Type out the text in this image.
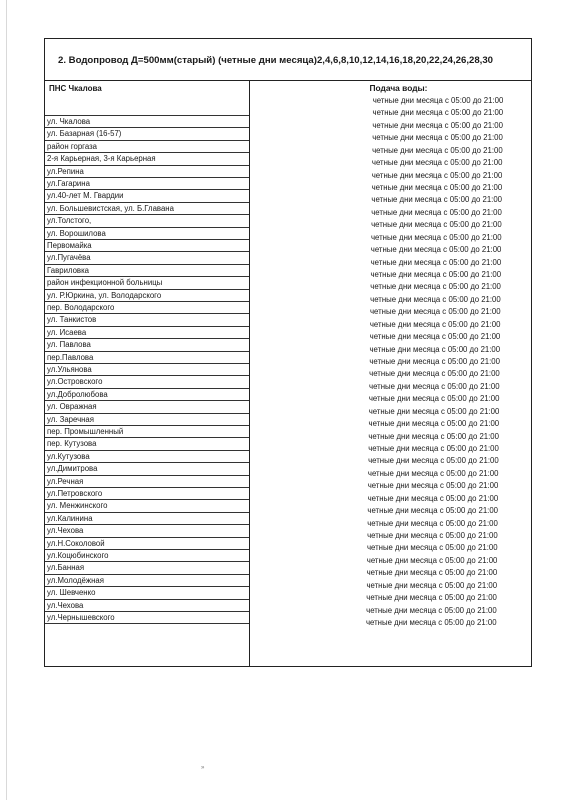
2. Водопровод Д=500мм(старый) (четные дни месяца)2,4,6,8,10,12,14,16,18,20,22,24,26,28,30
ПНС Чкалова
ул. Чкалова
ул. Базарная (16-57)
район горгаза
2-я Карьерная, 3-я Карьерная
ул.Репина
ул.Гагарина
ул.40-лет М. Гвардии
ул. Большевистская, ул. Б.Главана
ул.Толстого,
ул. Ворошилова
Первомайка
ул.Пугачёва
Гавриловка
район инфекционной больницы
ул. Р.Юркина, ул. Володарского
пер. Володарского
ул. Танкистов
ул. Исаева
ул. Павлова
пер.Павлова
ул.Ульянова
ул.Островского
ул.Добролюбова
ул. Овражная
ул. Заречная
пер. Промышленный
пер. Кутузова
ул.Кутузова
ул.Димитрова
ул.Речная
ул.Петровского
ул. Менжинского
ул.Калинина
ул.Чехова
ул.Н.Соколовой
ул.Коцюбинского
ул.Банная
ул.Молодёжная
ул. Шевченко
ул.Чехова
ул.Чернышевского
Подача воды:
четные дни месяца с 05:00 до 21:00
четные дни месяца с 05:00 до 21:00
четные дни месяца с 05:00 до 21:00
четные дни месяца с 05:00 до 21:00
четные дни месяца с 05:00 до 21:00
четные дни месяца с 05:00 до 21:00
четные дни месяца с 05:00 до 21:00
четные дни месяца с 05:00 до 21:00
четные дни месяца с 05:00 до 21:00
четные дни месяца с 05:00 до 21:00
четные дни месяца с 05:00 до 21:00
четные дни месяца с 05:00 до 21:00
четные дни месяца с 05:00 до 21:00
четные дни месяца с 05:00 до 21:00
четные дни месяца с 05:00 до 21:00
четные дни месяца с 05:00 до 21:00
четные дни месяца с 05:00 до 21:00
четные дни месяца с 05:00 до 21:00
четные дни месяца с 05:00 до 21:00
четные дни месяца с 05:00 до 21:00
четные дни месяца с 05:00 до 21:00
четные дни месяца с 05:00 до 21:00
четные дни месяца с 05:00 до 21:00
четные дни месяца с 05:00 до 21:00
четные дни месяца с 05:00 до 21:00
четные дни месяца с 05:00 до 21:00
четные дни месяца с 05:00 до 21:00
четные дни месяца с 05:00 до 21:00
четные дни месяца с 05:00 до 21:00
четные дни месяца с 05:00 до 21:00
четные дни месяца с 05:00 до 21:00
четные дни месяца с 05:00 до 21:00
четные дни месяца с 05:00 до 21:00
четные дни месяца с 05:00 до 21:00
четные дни месяца с 05:00 до 21:00
четные дни месяца с 05:00 до 21:00
четные дни месяца с 05:00 до 21:00
четные дни месяца с 05:00 до 21:00
четные дни месяца с 05:00 до 21:00
четные дни месяца с 05:00 до 21:00
четные дни месяца с 05:00 до 21:00
четные дни месяца с 05:00 до 21:00
четные дни месяца с 05:00 до 21:00
»
